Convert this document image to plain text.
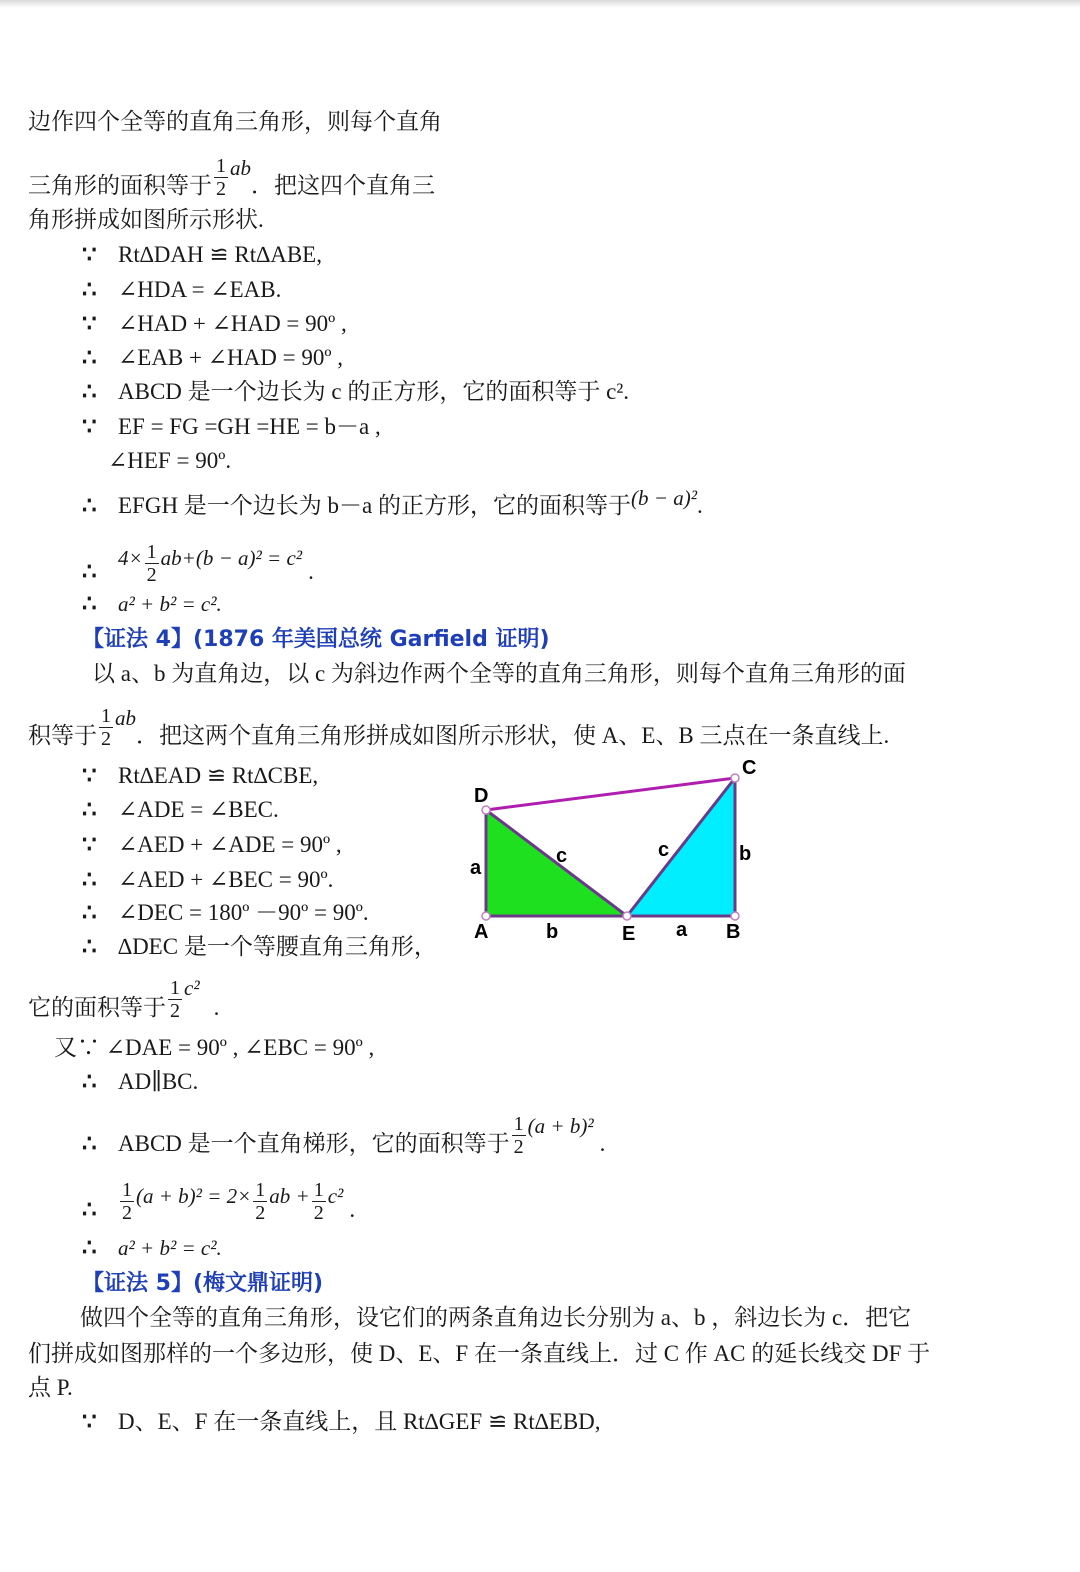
边作四个全等的直角三角形，则每个直角
三角形的面积等于 $\frac{1}{2}$ ab
．把这四个直角三
角形拼成如图所示形状.
∵ Rt∆DAH ≌ Rt∆ABE,
∴ ∠HDA = ∠EAB.
∵ ∠HAD + ∠HAD = 90º ,
∴ ∠EAB + ∠HAD = 90º ,
∴ ABCD 是一个边长为 c 的正方形，它的面积等于 c².
∵ EF = FG =GH =HE = b－a ,
∠HEF = 90º.
∴ EFGH 是一个边长为 b－a 的正方形，它的面积等于 (b − a)² .
∴
$4\times \frac{1}{2} ab+(b - a)^2 = c^2$
.
∴ a² + b² = c².
【证法 4】(1876 年美国总统 Garfield 证明)
以 a、b 为直角边，以 c 为斜边作两个全等的直角三角形，则每个直角三角形的面
积等于 $\frac{1}{2}$ ab
．把这两个直角三角形拼成如图所示形状，使 A、E、B 三点在一条直线上.
∵ Rt∆EAD ≌ Rt∆CBE,
∴ ∠ADE = ∠BEC.
∵ ∠AED + ∠ADE = 90º ,
∴ ∠AED + ∠BEC = 90º.
∴ ∠DEC = 180º －90º = 90º.
∴ ∆DEC 是一个等腰直角三角形，
D
A	E	B
C
a
b
c	c
a
b
它的面积等于 $\frac{1}{2} c^2$
.
又∵ ∠DAE = 90º , ∠EBC = 90º ,
∴ AD∥BC.
∴ ABCD 是一个直角梯形，它的面积等于 $\frac{1}{2} (a + b)^2$
.
∴	$\frac{1}{2} (a + b)^2 = 2\times \frac{1}{2}$ ab + $\frac{1}{2} c^2$
.
∴ a² + b² = c².
【证法 5】(梅文鼎证明)
做四个全等的直角三角形，设它们的两条直角边长分别为 a、b ，斜边长为 c．把它
们拼成如图那样的一个多边形，使 D、E、F 在一条直线上．过 C 作 AC 的延长线交 DF 于
点 P.
∵ D、E、F 在一条直线上，且 Rt∆GEF ≌ Rt∆EBD,
